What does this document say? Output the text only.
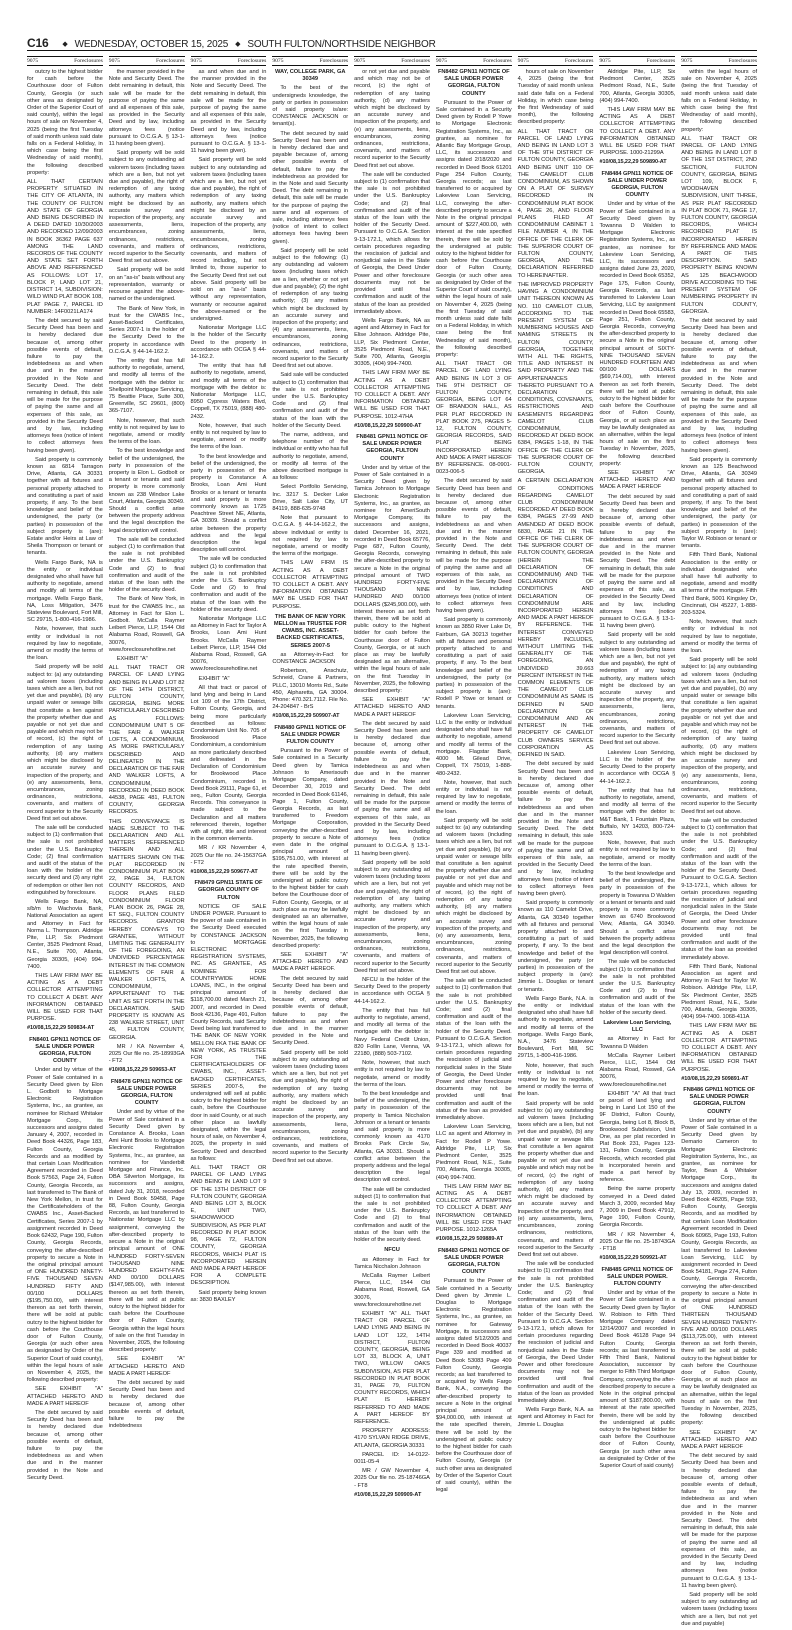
C16 ◆ WEDNESDAY, OCTOBER 15, 2025 ◆ SOUTH FULTON/NORTHSIDE NEIGHBOR
9075	Foreclosures

outcry to the highest bidder for cash before the Courthouse door of Fulton County, Georgia (or such other area as designated by Order of the Superior Court of said county), within the legal hours of sale on November 4, 2025 (being the first Tuesday of said month unless said date falls on a Federal Holiday, in which case being the first Wednesday of said month), the following described property:

ALL THAT CERTAIN PROPERTY SITUATED IN THE CITY OF ATLANTA, IN THE COUNTY OF FULTON AND STATE OF GEORGIA AND BEING DESCRIBED IN A DEED DATED 10/30/2003 AND RECORDED 12/09/2003 IN BOOK 36362 PAGE 637 AMONG THE LAND RECORDS OF THE COUNTY AND STATE SET FORTH ABOVE AND REFERENCED AS FOLLOWS: LOT 17, BLOCK P, LAND LOT 21, DISTRICT 14, SUBDIVISION: WILD WIND PLAT BOOK 108, PLAT PAGE 7, PARCEL ID NUMBER: 14F0021LA174

The debt secured by said Security Deed has been and is hereby declared due because of, among other possible events of default, failure to pay the indebtedness as and when due and in the manner provided in the Note and Security Deed. The debt remaining in default, this sale will be made for the purpose of paying the same and all expenses of this sale, as provided in the Security Deed and by law, including attorneys fees (notice of intent to collect attorneys fees having been given).

Said property is commonly known as 6814 Tarragon Drive, Atlanta, GA 30331 together with all fixtures and personal property attached to and constituting a part of said property, if any. To the best knowledge and belief of the undersigned, the party (or parties) in possession of the subject property is (are): Estate and/or Heirs at Law of Sheila Thompson or tenant or tenants.

Wells Fargo Bank, NA is the entity or individual designated who shall have full authority to negotiate, amend and modify all terms of the mortgage. Wells Fargo Bank, NA, Loss Mitigation, 3476 Stateview Boulevard, Fort Mill, SC 29715, 1-800-416-1986.

Note, however, that such entity or individual is not required by law to negotiate, amend or modify the terms of the loan.

Said property will be sold subject to: (a) any outstanding ad valorem taxes (including taxes which are a lien, but not yet due and payable), (b) any unpaid water or sewage bills that constitute a lien against the property whether due and payable or not yet due and payable and which may not be of record, (c) the right of redemption of any taxing authority, (d) any matters which might be disclosed by an accurate survey and inspection of the property, and (e) any assessments, liens, encumbrances, zoning ordinances, restrictions, covenants, and matters of record superior to the Security Deed first set out above.

The sale will be conducted subject to (1) confirmation that the sale is not prohibited under the U.S. Bankruptcy Code; (2) final confirmation and audit of the status of the loan with the holder of the security deed and (3) any right of redemption or other lien not extinguished by foreclosure.

Wells Fargo Bank, NA, s/b/m to Wachovia Bank, National Association as agent and Attorney in Fact for Norma L. Thompson. Aldridge Pite, LLP, Six Piedmont Center, 3525 Piedmont Road, N.E., Suite 700, Atlanta, Georgia 30305, (404) 994-7400.

THIS LAW FIRM MAY BE ACTING AS A DEBT COLLECTOR ATTEMPTING TO COLLECT A DEBT. ANY INFORMATION OBTAINED WILL BE USED FOR THAT PURPOSE.

#10/08,15,22,29 509834-AT

FN8401 GPN11 NOTICE OF SALE UNDER POWER GEORGIA, FULTON COUNTY

Under and by virtue of the Power of Sale contained in a Security Deed given by Elon L. Godbolt to Mortgage Electronic Registration Systems, Inc., as grantee, as nominee for Richard Whitaker Mortgage Corp., its successors and assigns dated January 4, 2007, recorded in Deed Book 44326, Page 183, Fulton County, Georgia Records and as modified by that certain Loan Modification Agreement recorded in Deed Book 57563, Page 24, Fulton County, Georgia Records, as last transferred to The Bank of New York Mellon, in trust for the Certificateholders of the CWABS Inc., Asset-Backed Certificates, Series 2007-1 by assignment recorded in Deed Book 62432, Page 190, Fulton County, Georgia Records, conveying the after-described property to secure a Note in the original principal amount of ONE HUNDRED NINETY-FIVE THOUSAND SEVEN HUNDRED FIFTY AND 00/100 DOLLARS ($195,750.00), with interest thereon as set forth therein, there will be sold at public outcry to the highest bidder for cash before the Courthouse door of Fulton County, Georgia (or such other area as designated by Order of the Superior Court of said county), within the legal hours of sale on November 4, 2025, the following described property:

SEE EXHIBIT "A" ATTACHED HERETO AND MADE A PART HEREOF

The debt secured by said Security Deed has been and is hereby declared due because of, among other possible events of default, failure to pay the indebtedness as and when due and in the manner provided in the Note and Security Deed.

9075	Foreclosures

the manner provided in the Note and Security Deed. The debt remaining in default, this sale will be made for the purpose of paying the same and all expenses of this sale, as provided in the Security Deed and by law, including attorneys fees (notice pursuant to O.C.G.A. § 13-1-11 having been given).

Said property will be sold subject to any outstanding ad valorem taxes (including taxes which are a lien, but not yet due and payable), the right of redemption of any taxing authority, any matters which might be disclosed by an accurate survey and inspection of the property, any assessments, liens, encumbrances, zoning ordinances, restrictions, covenants, and matters of record superior to the Security Deed first set out above.

Said property will be sold on an "as-is" basis without any representation, warranty or recourse against the above-named or the undersigned.

The Bank of New York, in trust for the CWABS Inc., Asset-Backed Certificates, Series 2007-1 is the holder of the Security Deed to the property in accordance with O.C.G.A. § 44-14-162.2.

The entity that has full authority to negotiate, amend, and modify all terms of the mortgage with the debtor is: Shellpoint Mortgage Servicing, 75 Beattie Place, Suite 300, Greenville, SC 29601, (800) 365-7107.

Note, however, that such entity is not required by law to negotiate, amend or modify the terms of the loan.

To the best knowledge and belief of the undersigned, the party in possession of the property is Elon L. Godbolt or a tenant or tenants and said property is more commonly known as 238 Windsor Lake Court, Atlanta, Georgia 30349. Should a conflict arise between the property address and the legal description the legal description will control.

The sale will be conducted subject (1) to confirmation that the sale is not prohibited under the U.S. Bankruptcy Code and (2) to final confirmation and audit of the status of the loan with the holder of the security deed.

The Bank of New York, in trust for the CWABS Inc., as Attorney in Fact for Elon L. Godbolt. McCalla Raymer Leibert Pierce, LLP, 1544 Old Alabama Road, Roswell, GA 30076, www.foreclosurehotline.net

EXHIBIT "A"

ALL THAT TRACT OR PARCEL OF LAND LYING AND BEING IN LAND LOT 82 OF THE 14TH DISTRICT, FULTON COUNTY, GEORGIA, BEING MORE PARTICULARLY DESCRIBED AS FOLLOWS: CONDOMINIUM UNIT 5 OF THE FAIR & WALKER LOFTS, A CONDOMINIUM, AS MORE PARTICULARLY DESCRIBED AND DELINEATED IN THE DECLARATION OF THE FAIR AND WALKER LOFTS, A CONDOMINIUM, RECORDED IN DEED BOOK 44538, PAGE 481, FULTON COUNTY, GEORGIA RECORDS.

THIS CONVEYANCE IS MADE SUBJECT TO THE DECLARATION AND ALL MATTERS REFERENCED THEREIN AND ALL MATTERS SHOWN ON THE PLAT RECORDED IN CONDOMINIUM PLAT BOOK 22, PAGE 34, FULTON COUNTY RECORDS, AND FLOOR PLANS FILED CONDOMINIUM FLOOR PLAN BOOK 26, PAGE 28, ET SEQ., FULTON COUNTY RECORDS. GRANTOR HEREBY CONVEYS TO GRANTEE, WITHOUT LIMITING THE GENERALITY OF THE FOREGOING, AN UNDIVIDED PERCENTAGE INTEREST IN THE COMMON ELEMENTS OF FAIR & WALKER LOFTS, A CONDOMINIUM, APPURTENANT TO THE UNIT AS SET FORTH IN THE DECLARATION. SAID PROPERTY IS KNOWN AS 238 WALKER STREET, UNIT 45, FULTON COUNTY, GEORGIA.

MR / KA November 4, 2025 Our file no. 25-18993GA - FT2

#10/08,15,22,29 509653-AT

FN8478 GPN11 NOTICE OF SALE UNDER POWER GEORGIA, FULTON COUNTY

Under and by virtue of the Power of Sale contained in a Security Deed given by Constance A. Brooks, Loan Ami Hunt Brooks to Mortgage Electronic Registration Systems, Inc., as grantee, as nominee for Vanderbilt Mortgage and Finance, Inc. DBA Silverton Mortgage, its successors and assigns, dated July 31, 2018, recorded in Deed Book 59458, Page 88, Fulton County, Georgia Records, as last transferred to Nationstar Mortgage LLC by assignment, conveying the after-described property to secure a Note in the original principal amount of ONE HUNDRED FORTY-SEVEN THOUSAND NINE HUNDRED EIGHTY-FIVE AND 00/100 DOLLARS ($147,985.00), with interest thereon as set forth therein, there will be sold at public outcry to the highest bidder for cash before the Courthouse door of Fulton County, Georgia within the legal hours of sale on the first Tuesday in November, 2025, the following described property:

SEE EXHIBIT "A" ATTACHED HERETO AND MADE A PART HEREOF

The debt secured by said Security Deed has been and is hereby declared due because of, among other possible events of default, failure to pay the indebtedness

9075	Foreclosures

as and when due and in the manner provided in the Note and Security Deed. The debt remaining in default, this sale will be made for the purpose of paying the same and all expenses of this sale, as provided in the Security Deed and by law, including attorneys fees (notice pursuant to O.C.G.A. § 13-1-11 having been given).

Said property will be sold subject to any outstanding ad valorem taxes (including taxes which are a lien, but not yet due and payable), the right of redemption of any taxing authority, any matters which might be disclosed by an accurate survey and inspection of the property, any assessments, liens, encumbrances, zoning ordinances, restrictions, covenants, and matters of record including, but not limited to, those superior to the Security Deed first set out above. Said property will be sold on an "as-is" basis without any representation, warranty or recourse against the above-named or the undersigned.

Nationstar Mortgage LLC is the holder of the Security Deed to the property in accordance with OCGA § 44-14-162.2.

The entity that has full authority to negotiate, amend, and modify all terms of the mortgage with the debtor is: Nationstar Mortgage LLC, 8950 Cypress Waters Blvd, Coppell, TX 75019, (888) 480-2432.

Note, however, that such entity is not required by law to negotiate, amend or modify the terms of the loan.

To the best knowledge and belief of the undersigned, the party in possession of the property is Constance A Brooks, Loan Ami Hunt Brooks or a tenant or tenants and said property is more commonly known as 1725 Peachtree Street NE, Atlanta, GA 30309. Should a conflict arise between the property address and the legal description the legal description will control.

The sale will be conducted subject (1) to confirmation that the sale is not prohibited under the U.S. Bankruptcy Code and (2) to final confirmation and audit of the status of the loan with the holder of the security deed.

Nationstar Mortgage LLC as Attorney in Fact for Taylor A Brooks, Loan Ami Hunt Brooks. McCalla Raymer Leibert Pierce, LLP, 1544 Old Alabama Road, Roswell, GA 30076, www.foreclosurehotline.net

EXHIBIT "A"

All that tract or parcel of land lying and being in Land Lot 109 of the 17th District, Fulton County, Georgia, and being more particularly described as follows: Condominium Unit No. 705 of Brookwood Place Condominium, a condominium as more particularly described and delineated in the Declaration of Condominium for Brookwood Place Condominium, recorded in Deed Book 29111, Page 61, et seq., Fulton County, Georgia Records. This conveyance is made subject to the Declaration and all matters referenced therein, together with all right, title and interest in the common elements.

MR / KR November 4, 2025 Our file no. 24-15637GA - FT2

#10/08,15,22,29 509677-AT

FN8479 GPN11 STATE OF GEORGIA COUNTY OF FULTON

NOTICE OF SALE UNDER POWER. Pursuant to the power of sale contained in the Security Deed executed by CONSTANCE JACKSON to MORTGAGE ELECTRONIC REGISTRATION SYSTEMS, INC. AS GRANTEE, AS NOMINEE FOR COUNTRYWIDE HOME LOANS, INC., in the original principal amount of $118,700.00 dated March 21, 2007, and recorded in Deed Book 42136, Page 491, Fulton County Records, said Security Deed being last transferred to THE BANK OF NEW YORK MELLON FKA THE BANK OF NEW YORK, AS TRUSTEE FOR THE CERTIFICATEHOLDERS OF CWABS, INC., ASSET-BACKED CERTIFICATES, SERIES 2007-5, the undersigned will sell at public outcry to the highest bidder for cash, before the Courthouse door in said County, or at such other place as lawfully designated, within the legal hours of sale, on November 4, 2025, the property in said Security Deed and described as follows:

ALL THAT TRACT OR PARCEL OF LAND LYING AND BEING IN LAND LOT 9 OF THE 13TH DISTRICT OF FULTON COUNTY, GEORGIA AND BEING LOT 3, BLOCK E, UNIT TWO, SHADOWWOOD SUBDIVISION, AS PER PLAT RECORDED IN PLAT BOOK 98, PAGE 72, FULTON COUNTY, GEORGIA RECORDS, WHICH PLAT IS INCORPORATED HEREIN AND MADE A PART HEREOF FOR A COMPLETE DESCRIPTION.

Said property being known as: 3830 BAXLEY

9075	Foreclosures

WAY, COLLEGE PARK, GA 30349

To the best of the undersigneds knowledge, the party or parties in possession of said property is/are: CONSTANCE JACKSON or tenant(s).

The debt secured by said Security Deed has been and is hereby declared due and payable because of, among other possible events of default, failure to pay the indebtedness as provided for in the Note and said Security Deed. The debt remaining in default, this sale will be made for the purpose of paying the same and all expenses of sale, including attorneys fees (notice of intent to collect attorneys fees having been given).

Said property will be sold subject to the following: (1) any outstanding ad valorem taxes (including taxes which are a lien, whether or not yet due and payable); (2) the right of redemption of any taxing authority; (3) any matters which might be disclosed by an accurate survey and inspection of the property; and (4) any assessments, liens, encumbrances, zoning ordinances, restrictions, covenants, and matters of record superior to the Security Deed first set out above.

Said sale will be conducted subject to (1) confirmation that the sale is not prohibited under the U.S. Bankruptcy Code and (2) final confirmation and audit of the status of the loan with the holder of the Security Deed.

The name, address, and telephone number of the individual or entity who has full authority to negotiate, amend, or modify all terms of the above described mortgage is as follows:

Select Portfolio Servicing, Inc. 3217 S. Decker Lake Drive, Salt Lake City, UT 84119, 888-635-9748

Note that pursuant to O.C.G.A. § 44-14-162.2, the above individual or entity is not required by law to negotiate, amend or modify the terms of the mortgage.

THIS LAW FIRM IS ACTING AS A DEBT COLLECTOR ATTEMPTING TO COLLECT A DEBT. ANY INFORMATION OBTAINED MAY BE USED FOR THAT PURPOSE.

THE BANK OF NEW YORK MELLON as TRUSTEE FOR CWABS, INC. ASSET-BACKED CERTIFICATES, SERIES 2007-5

as Attorney-in-Fact for CONSTANCE JACKSON

Robertson, Anschutz, Schneid, Crane & Partners, PLLC, 13010 Morris Rd., Suite 450, Alpharetta, GA 30004. Phone: 470.321.7112. File No. 24-204847 - BrS

#10/08,15,22,29 509907-AT

FN8480 GPN11 NOTICE OF SALE UNDER POWER FULTON COUNTY

Pursuant to the Power of Sale contained in a Security Deed given by Tamica Johnson to Amerisouth Mortgage Company, dated December 30, 2019 and recorded in Deed Book 61146, Page 1, Fulton County, Georgia Records, as last transferred to Freedom Mortgage Corporation, conveying the after-described property to secure a Note of even date in the original principal amount of $195,751.00, with interest at the rate specified therein, there will be sold by the undersigned at public outcry to the highest bidder for cash before the Courthouse door of Fulton County, Georgia, or at such place as may be lawfully designated as an alternative, within the legal hours of sale on the first Tuesday in November, 2025, the following described property:

SEE EXHIBIT "A" ATTACHED HERETO AND MADE A PART HEREOF.

The debt secured by said Security Deed has been and is hereby declared due because of, among other possible events of default, failure to pay the indebtedness as and when due and in the manner provided in the Note and Security Deed.

Said property will be sold subject to any outstanding ad valorem taxes (including taxes which are a lien, but not yet due and payable), the right of redemption of any taxing authority, any matters which might be disclosed by an accurate survey and inspection of the property, any assessments, liens, encumbrances, zoning ordinances, restrictions, covenants, and matters of record superior to the Security Deed first set out above.

9075	Foreclosures

or not yet due and payable and which may not be of record, (c) the right of redemption of any taxing authority, (d) any matters which might be disclosed by an accurate survey and inspection of the property, and (e) any assessments, liens, encumbrances, zoning ordinances, restrictions, covenants, and matters of record superior to the Security Deed first set out above.

The sale will be conducted subject to (1) confirmation that the sale is not prohibited under the U.S. Bankruptcy Code; and (2) final confirmation and audit of the status of the loan with the holder of the Security Deed. Pursuant to O.C.G.A. Section 9-13-172.1, which allows for certain procedures regarding the rescission of judicial and nonjudicial sales in the State of Georgia, the Deed Under Power and other foreclosure documents may not be provided until final confirmation and audit of the status of the loan as provided immediately above.

Wells Fargo Bank, NA as agent and Attorney in Fact for Elise Johnson. Aldridge Pite, LLP, Six Piedmont Center, 3525 Piedmont Road, N.E., Suite 700, Atlanta, Georgia 30305, (404) 994-7400.

THIS LAW FIRM MAY BE ACTING AS A DEBT COLLECTOR ATTEMPTING TO COLLECT A DEBT. ANY INFORMATION OBTAINED WILL BE USED FOR THAT PURPOSE. 1012-47HA

#10/08,15,22,29 509900-AT

FN8481 GPN11 NOTICE OF SALE UNDER POWER GEORGIA, FULTON COUNTY

Under and by virtue of the Power of Sale contained in a Security Deed given by Tamica Johnson to Mortgage Electronic Registration Systems, Inc., as grantee, as nominee for AmeriSouth Mortgage Company, its successors and assigns, dated December 16, 2021, recorded in Deed Book 65776, Page 687, Fulton County, Georgia Records, conveying the after-described property to secure a Note in the original principal amount of TWO HUNDRED FORTY-FIVE THOUSAND NINE HUNDRED AND 00/100 DOLLARS ($245,900.00), with interest thereon as set forth therein, there will be sold at public outcry to the highest bidder for cash before the Courthouse door of Fulton County, Georgia, or at such place as may be lawfully designated as an alternative, within the legal hours of sale on the first Tuesday in November, 2025, the following described property:

SEE EXHIBIT "A" ATTACHED HERETO AND MADE A PART HEREOF

The debt secured by said Security Deed has been and is hereby declared due because of, among other possible events of default, failure to pay the indebtedness as and when due and in the manner provided in the Note and Security Deed. The debt remaining in default, this sale will be made for the purpose of paying the same and all expenses of this sale, as provided in the Security Deed and by law, including attorneys fees (notice pursuant to O.C.G.A. § 13-1-11 having been given).

Said property will be sold subject to any outstanding ad valorem taxes (including taxes which are a lien, but not yet due and payable), the right of redemption of any taxing authority, any matters which might be disclosed by an accurate survey and inspection of the property, any assessments, liens, encumbrances, zoning ordinances, restrictions, covenants, and matters of record superior to the Security Deed first set out above.

NFCU is the holder of the Security Deed to the property in accordance with OCGA § 44-14-162.2.

The entity that has full authority to negotiate, amend, and modify all terms of the mortgage with the debtor is: Navy Federal Credit Union, 820 Follin Lane, Vienna, VA 22180, (888) 503-7102.

Note, however, that such entity is not required by law to negotiate, amend or modify the terms of the loan.

To the best knowledge and belief of the undersigned, the party in possession of the property is Tamica Nicchalon Johnson or a tenant or tenants and said property is more commonly known as 4170 Brooks Park Circle Sw, Atlanta, GA 30331. Should a conflict arise between the property address and the legal description the legal description will control.

The sale will be conducted subject (1) to confirmation that the sale is not prohibited under the U.S. Bankruptcy Code and (2) to final confirmation and audit of the status of the loan with the holder of the security deed.

NFCU

as Attorney in Fact for Tamica Nicchalon Johnson

McCalla Raymer Leibert Pierce, LLC, 1544 Old Alabama Road, Roswell, GA 30076, www.foreclosurehotline.net

EXHIBIT "A" ALL THAT TRACT OR PARCEL OF LAND LYING AND BEING IN LAND LOT 122, 14TH DISTRICT, FULTON COUNTY, GEORGIA, BEING LOT 33, BLOCK A, UNIT TWO, WILLOW OAKS SUBDIVISION, AS PER PLAT RECORDED IN PLAT BOOK 31, PAGE 79, FULTON COUNTY RECORDS, WHICH PLAT IS HEREBY REFERRED TO AND MADE A PART HEREOF BY REFERENCE.

PROPERTY ADDRESS: 4170 SYLVAN RIDGE DRIVE, ATLANTA, GEORGIA 30331

PARCEL ID: 14-0122-0011-05-4

MR / GW November 4, 2025 Our file no. 25-18746GA - FT8

#10/08,15,22,29 509909-AT

9075	Foreclosures

FN8482 GPN11 NOTICE OF SALE UNDER POWER GEORGIA, FULTON COUNTY

Pursuant to the Power of Sale contained in a Security Deed given by Rodell P Yowe to Mortgage Electronic Registration Systems, Inc., as grantee, as nominee for Atlantic Bay Mortgage Group, LLC, its successors and assigns dated 2/18/2020 and recorded in Deed Book 61201 Page 254 Fulton County, Georgia records; as last transferred to or acquired by Lakeview Loan Servicing, LLC, conveying the after-described property to secure a Note in the original principal amount of $227,400.00, with interest at the rate specified therein, there will be sold by the undersigned at public outcry to the highest bidder for cash before the Courthouse door of Fulton County, Georgia (or such other area as designated by Order of the Superior Court of said county), within the legal hours of sale on November 4, 2025 (being the first Tuesday of said month unless said date falls on a Federal Holiday, in which case being the first Wednesday of said month), the following described property:

ALL THAT TRACT OR PARCEL OF LAND LYING AND BEING IN LOT 3 OF THE 9TH DISTRICT OF FULTON COUNTY, GEORGIA, BEING LOT 64 OF BRANDON HALL, AS PER PLAT RECORDED IN PLAT BOOK 275, PAGES 5-12, FULTON COUNTY, GEORGIA RECORDS, SAID PLAT BEING INCORPORATED HEREIN AND MADE A PART HEREOF BY REFERENCE. 08-0901-0023-006-5

The debt secured by said Security Deed has been and is hereby declared due because of, among other possible events of default, failure to pay the indebtedness as and when due and in the manner provided in the Note and Security Deed. The debt remaining in default, this sale will be made for the purpose of paying the same and all expenses of this sale, as provided in the Security Deed and by law, including attorneys fees (notice of intent to collect attorneys fees having been given).

Said property is commonly known as 3850 River Lake Dr, Fairburn, GA 30213 together with all fixtures and personal property attached to and constituting a part of said property, if any. To the best knowledge and belief of the undersigned, the party (or parties) in possession of the subject property is (are): Rodell P Yowe or tenant or tenants.

Lakeview Loan Servicing, LLC is the entity or individual designated who shall have full authority to negotiate, amend and modify all terms of the mortgage. Flagstar Bank, 4000 Mt. Gilead Drive, Coppell, TX 75019, 1-888-480-2432.

Note, however, that such entity or individual is not required by law to negotiate, amend or modify the terms of the loan.

Said property will be sold subject to: (a) any outstanding ad valorem taxes (including taxes which are a lien, but not yet due and payable), (b) any unpaid water or sewage bills that constitute a lien against the property whether due and payable or not yet due and payable and which may not be of record, (c) the right of redemption of any taxing authority, (d) any matters which might be disclosed by an accurate survey and inspection of the property, and (e) any assessments, liens, encumbrances, zoning ordinances, restrictions, covenants, and matters of record superior to the Security Deed first set out above.

The sale will be conducted subject to (1) confirmation that the sale is not prohibited under the U.S. Bankruptcy Code; and (2) final confirmation and audit of the status of the loan with the holder of the Security Deed. Pursuant to O.C.G.A. Section 9-13-172.1, which allows for certain procedures regarding the rescission of judicial and nonjudicial sales in the State of Georgia, the Deed Under Power and other foreclosure documents may not be provided until final confirmation and audit of the status of the loan as provided immediately above.

Lakeview Loan Servicing, LLC as agent and Attorney in Fact for Rodell P Yowe. Aldridge Pite, LLP, Six Piedmont Center, 3525 Piedmont Road, N.E., Suite 700, Atlanta, Georgia 30305, (404) 994-7400.

THIS LAW FIRM MAY BE ACTING AS A DEBT COLLECTOR ATTEMPTING TO COLLECT A DEBT. ANY INFORMATION OBTAINED WILL BE USED FOR THAT PURPOSE. 1012-1265A

#10/08,15,22,29 509889-AT

FN8483 GPN11 NOTICE OF SALE UNDER POWER GEORGIA, FULTON COUNTY

Pursuant to the Power of Sale contained in a Security Deed given by Jimmie L. Douglas to Mortgage Electronic Registration Systems, Inc., as grantee, as nominee for Gateway Mortgage, its successors and assigns dated 5/12/2005 and recorded in Deed Book 40037 Page 339 and modified at Deed Book 53083 Page 409 Fulton County, Georgia records; as last transferred to or acquired by Wells Fargo Bank, N.A., conveying the after-described property to secure a Note in the original principal amount of $94,000.00, with interest at the rate specified therein, there will be sold by the undersigned at public outcry to the highest bidder for cash before the Courthouse door of Fulton County, Georgia (or such other area as designated by Order of the Superior Court of said county), within the legal

9075	Foreclosures

hours of sale on November 4, 2025 (being the first Tuesday of said month unless said date falls on a Federal Holiday, in which case being the first Wednesday of said month), the following described property:

ALL THAT TRACT OR PARCEL OF LAND LYING AND BEING IN LAND LOT 3 OF THE 9TH DISTRICT OF FULTON COUNTY, GEORGIA AND BEING UNIT 110 OF THE CAMELOT CLUB CONDOMINIUM, AS SHOWN ON A PLAT OF SURVEY RECORDED IN CONDOMINIUM PLAT BOOK 4, PAGE 26, AND FLOOR PLANS FILED AT CONDOMINIUM CABINET 1 FILE NUMBER 4, IN THE OFFICE OF THE CLERK OF THE SUPERIOR COURT OF FULTON COUNTY, GEORGIA, AND THE DECLARATION REFERRED TO HEREINAFTER.

THE IMPROVED PROPERTY HAVING A CONDOMINIUM UNIT THEREON KNOWN AS NO. 110 CAMELOT CLUB, ACCORDING TO THE PRESENT SYSTEM OF NUMBERING HOUSES AND NAMING STREETS IN FULTON COUNTY, GEORGIA, TOGETHER WITH ALL THE RIGHTS, TITLE AND INTEREST IN SAID PROPERTY AND THE APPURTENANCES THERETO PURSUANT TO A DECLARATION OF CONDITIONS, COVENANTS, RESTRICTIONS AND EASEMENTS REGARDING CAMELOT CLUB CONDOMINIUM, RECORDED AT DEED BOOK 6384, PAGES 1-18, IN THE OFFICE OF THE CLERK OF THE SUPERIOR COURT OF FULTON COUNTY, GEORGIA.

A CERTAIN DECLARATION OF CONDITIONS REGARDING CAMELOT CLUB CONDOMINIUM RECORDED AT DEED BOOK 6384, PAGES 27-99 AND AMENDED AT DEED BOOK 6830, PAGE 21 IN THE OFFICE OF THE CLERK OF THE SUPERIOR COURT OF FULTON COUNTY, GEORGIA (HEREIN THE DECLARATION OF CONDOMINIUM) AND THE DECLARATION OF CONDITIONS AND DECLARATION OF CONDOMINIUM ARE INCORPORATED HEREIN AND MADE A PART HEREOF BY REFERENCE. THE INTEREST CONVEYED HEREBY INCLUDES, WITHOUT LIMITING THE GENERALITY OF THE FOREGOING, AN UNDIVIDED 39.663 PERCENT INTEREST IN THE COMMON ELEMENTS OF THE CAMELOT CLUB CONDOMINIUM AS SAME IS DEFINED IN SAID DECLARATION OF CONDOMINIUM AND AN INTEREST IN THE PROPERTY OF CAMELOT CLUB OWNERS SERVICE CORPORATION AS DEFINED IN SAID.

The debt secured by said Security Deed has been and is hereby declared due because of, among other possible events of default, failure to pay the indebtedness as and when due and in the manner provided in the Note and Security Deed. The debt remaining in default, this sale will be made for the purpose of paying the same and all expenses of this sale, as provided in the Security Deed and by law, including attorneys fees (notice of intent to collect attorneys fees having been given).

Said property is commonly known as 110 Camelot Drive, Atlanta, GA 30349 together with all fixtures and personal property attached to and constituting a part of said property, if any. To the best knowledge and belief of the undersigned, the party (or parties) in possession of the subject property is (are): Jimmie L. Douglas or tenant or tenants.

Wells Fargo Bank, N.A. is the entity or individual designated who shall have full authority to negotiate, amend and modify all terms of the mortgage. Wells Fargo Bank, N.A., 3476 Stateview Boulevard, Fort Mill, SC 29715, 1-800-416-1986.

Note, however, that such entity or individual is not required by law to negotiate, amend or modify the terms of the loan.

Said property will be sold subject to: (a) any outstanding ad valorem taxes (including taxes which are a lien, but not yet due and payable), (b) any unpaid water or sewage bills that constitute a lien against the property whether due and payable or not yet due and payable and which may not be of record, (c) the right of redemption of any taxing authority, (d) any matters which might be disclosed by an accurate survey and inspection of the property, and (e) any assessments, liens, encumbrances, zoning ordinances, restrictions, covenants, and matters of record superior to the Security Deed first set out above.

The sale will be conducted subject to (1) confirmation that the sale is not prohibited under the U.S. Bankruptcy Code; and (2) final confirmation and audit of the status of the loan with the holder of the Security Deed. Pursuant to O.C.G.A. Section 9-13-172.1, which allows for certain procedures regarding the rescission of judicial and nonjudicial sales in the State of Georgia, the Deed Under Power and other foreclosure documents may not be provided until final confirmation and audit of the status of the loan as provided immediately above.

Wells Fargo Bank, N.A. as agent and Attorney in Fact for Jimmie L. Douglas

9075	Foreclosures

Aldridge Pite, LLP, Six Piedmont Center, 3525 Piedmont Road, N.E., Suite 700, Atlanta, Georgia 30305, (404) 994-7400.

THIS LAW FIRM MAY BE ACTING AS A DEBT COLLECTOR ATTEMPTING TO COLLECT A DEBT. ANY INFORMATION OBTAINED WILL BE USED FOR THAT PURPOSE. 1000-21299A

#10/08,15,22,29 509890-AT

FN8484 GPN11 NOTICE OF SALE UNDER POWER GEORGIA, FULTON COUNTY

Under and by virtue of the Power of Sale contained in a Security Deed given by Towanna D Walden to Mortgage Electronic Registration Systems, Inc., as grantee, as nominee for Lakeview Loan Servicing, LLC, its successors and assigns dated June 23, 2020, recorded in Deed Book 65352, Page 175, Fulton County, Georgia Records, as last transferred to Lakeview Loan Servicing, LLC by assignment recorded in Deed Book 65583, Page 251, Fulton County, Georgia Records, conveying the after-described property to secure a Note in the original principal amount of SIXTY-NINE THOUSAND SEVEN HUNDRED FOURTEEN AND 00/100 DOLLARS ($69,714.00), with interest thereon as set forth therein, there will be sold at public outcry to the highest bidder for cash before the Courthouse door of Fulton County, Georgia, or at such place as may be lawfully designated as an alternative, within the legal hours of sale on the first Tuesday in November, 2025, the following described property:

SEE EXHIBIT "A" ATTACHED HERETO AND MADE A PART HEREOF

The debt secured by said Security Deed has been and is hereby declared due because of, among other possible events of default, failure to pay the indebtedness as and when due and in the manner provided in the Note and Security Deed. The debt remaining in default, this sale will be made for the purpose of paying the same and all expenses of this sale, as provided in the Security Deed and by law, including attorneys fees (notice pursuant to O.C.G.A. § 13-1-11 having been given).

Said property will be sold subject to any outstanding ad valorem taxes (including taxes which are a lien, but not yet due and payable), the right of redemption of any taxing authority, any matters which might be disclosed by an accurate survey and inspection of the property, any assessments, liens, encumbrances, zoning ordinances, restrictions, covenants, and matters of record superior to the Security Deed first set out above.

Lakeview Loan Servicing, LLC is the holder of the Security Deed to the property in accordance with OCGA § 44-14-162.2.

The entity that has full authority to negotiate, amend, and modify all terms of the mortgage with the debtor is: M&T Bank, 1 Fountain Plaza, Buffalo, NY 14203, 800-724-1633.

Note, however, that such entity is not required by law to negotiate, amend or modify the terms of the loan.

To the best knowledge and belief of the undersigned, the party in possession of the property is Towanna D Walden or a tenant or tenants and said property is more commonly known as 6740 Brookwood View, Atlanta, GA 30349. Should a conflict arise between the property address and the legal description the legal description will control.

The sale will be conducted subject (1) to confirmation that the sale is not prohibited under the U.S. Bankruptcy Code and (2) to final confirmation and audit of the status of the loan with the holder of the security deed.

Lakeview Loan Servicing, LLC

as Attorney in Fact for Towanna D Walden

McCalla Raymer Leibert Pierce, LLC, 1544 Old Alabama Road, Roswell, GA 30076, www.foreclosurehotline.net

EXHIBIT "A" All that tract or parcel of land lying and being in Land Lot 150 of the 9F District, Fulton County, Georgia, being Lot 8, Block B, Brookwood Subdivision, Unit One, as per plat recorded in Plat Book 231, Pages 123-131, Fulton County, Georgia Records, which recorded plat is incorporated herein and made a part hereof by reference.

Being the same property conveyed in a Deed dated March 3, 2009, recorded May 7, 2009 in Deed Book 47912, Page 190, Fulton County, Georgia Records.

MR / KR November 4, 2025 Our file no. 25-18743GA - FT18

#10/08,15,22,29 509921-AT

FN8485 GPN11 NOTICE OF SALE UNDER POWER. FULTON COUNTY

Under and by virtue of the Power of Sale contained in a Security Deed given by Taylor W. Robison to Fifth Third Mortgage Company dated 12/14/2007 and recorded in Deed Book 46128 Page 94 Fulton County, Georgia records; as last transferred to Fifth Third Bank, National Association, successor by merger to Fifth Third Mortgage Company, conveying the after-described property to secure a Note in the original principal amount of $187,800.00, with interest at the rate specified therein, there will be sold by the undersigned at public outcry to the highest bidder for cash before the Courthouse door of Fulton County, Georgia (or such other area as designated by Order of the Superior Court of said county)

9075	Foreclosures

within the legal hours of sale on November 4, 2025 (being the first Tuesday of said month unless said date falls on a Federal Holiday, in which case being the first Wednesday of said month), the following described property:

ALL THAT TRACT OR PARCEL OF LAND LYING AND BEING IN LAND LOT 8 OF THE 1ST DISTRICT, 2ND SECTION, FULTON COUNTY, GEORGIA, BEING LOT 109, BLOCK F, WOODHAVEN SUBDIVISION, UNIT THREE, AS PER PLAT RECORDED IN PLAT BOOK 71, PAGE 17, FULTON COUNTY, GEORGIA RECORDS, WHICH RECORDED PLAT IS INCORPORATED HEREIN BY REFERENCE AND MADE A PART OF THIS DESCRIPTION. SAID PROPERTY BEING KNOWN AS 125 BEACHWOOD DRIVE ACCORDING TO THE PRESENT SYSTEM OF NUMBERING PROPERTY IN FULTON COUNTY, GEORGIA.

The debt secured by said Security Deed has been and is hereby declared due because of, among other possible events of default, failure to pay the indebtedness as and when due and in the manner provided in the Note and Security Deed. The debt remaining in default, this sale will be made for the purpose of paying the same and all expenses of this sale, as provided in the Security Deed and by law, including attorneys fees (notice of intent to collect attorneys fees having been given).

Said property is commonly known as 125 Beachwood Drive, Atlanta, GA 30349 together with all fixtures and personal property attached to and constituting a part of said property, if any. To the best knowledge and belief of the undersigned, the party (or parties) in possession of the subject property is (are): Taylor W. Robison or tenant or tenants.

Fifth Third Bank, National Association is the entity or individual designated who shall have full authority to negotiate, amend and modify all terms of the mortgage. Fifth Third Bank, 5001 Kingsley Dr, Cincinnati, OH 45227, 1-888-203-5324.

Note, however, that such entity or individual is not required by law to negotiate, amend or modify the terms of the loan.

Said property will be sold subject to: (a) any outstanding ad valorem taxes (including taxes which are a lien, but not yet due and payable), (b) any unpaid water or sewage bills that constitute a lien against the property whether due and payable or not yet due and payable and which may not be of record, (c) the right of redemption of any taxing authority, (d) any matters which might be disclosed by an accurate survey and inspection of the property, and (e) any assessments, liens, encumbrances, zoning ordinances, restrictions, covenants, and matters of record superior to the Security Deed first set out above.

The sale will be conducted subject to (1) confirmation that the sale is not prohibited under the U.S. Bankruptcy Code; and (2) final confirmation and audit of the status of the loan with the holder of the Security Deed. Pursuant to O.C.G.A. Section 9-13-172.1, which allows for certain procedures regarding the rescission of judicial and nonjudicial sales in the State of Georgia, the Deed Under Power and other foreclosure documents may not be provided until final confirmation and audit of the status of the loan as provided immediately above.

Fifth Third Bank, National Association as agent and Attorney in Fact for Taylor W. Robison. Aldridge Pite, LLP, Six Piedmont Center, 3525 Piedmont Road, N.E., Suite 700, Atlanta, Georgia 30305, (404) 994-7400. 1068-411A

THIS LAW FIRM MAY BE ACTING AS A DEBT COLLECTOR ATTEMPTING TO COLLECT A DEBT. ANY INFORMATION OBTAINED WILL BE USED FOR THAT PURPOSE.

#10/08,15,22,29 509891-AT

FN8486 GPN11 NOTICE OF SALE UNDER POWER GEORGIA, FULTON COUNTY

Under and by virtue of the Power of Sale contained in a Security Deed given by Demario Cameron to Mortgage Electronic Registration Systems, Inc., as grantee, as nominee for Taylor, Bean & Whitaker Mortgage Corp., its successors and assigns dated July 13, 2009, recorded in Deed Book 48205, Page 593, Fulton County, Georgia Records, and as modified by that certain Loan Modification Agreement recorded in Deed Book 60965, Page 193, Fulton County, Georgia Records, as last transferred to Lakeview Loan Servicing, LLC by assignment recorded in Deed Book 54181, Page 274, Fulton County, Georgia Records, conveying the after-described property to secure a Note in the original principal amount of ONE HUNDRED THIRTEEN THOUSAND SEVEN HUNDRED TWENTY-FIVE AND 00/100 DOLLARS ($113,725.00), with interest thereon as set forth therein, there will be sold at public outcry to the highest bidder for cash before the Courthouse door of Fulton County, Georgia, or at such place as may be lawfully designated as an alternative, within the legal hours of sale on the first Tuesday in November, 2025, the following described property:

SEE EXHIBIT "A" ATTACHED HERETO AND MADE A PART HEREOF

The debt secured by said Security Deed has been and is hereby declared due because of, among other possible events of default, failure to pay the indebtedness as and when due and in the manner provided in the Note and Security Deed. The debt remaining in default, this sale will be made for the purpose of paying the same and all expenses of this sale, as provided in the Security Deed and by law, including attorneys fees (notice pursuant to O.C.G.A. § 13-1-11 having been given).

Said property will be sold subject to any outstanding ad valorem taxes (including taxes which are a lien, but not yet due and payable)
